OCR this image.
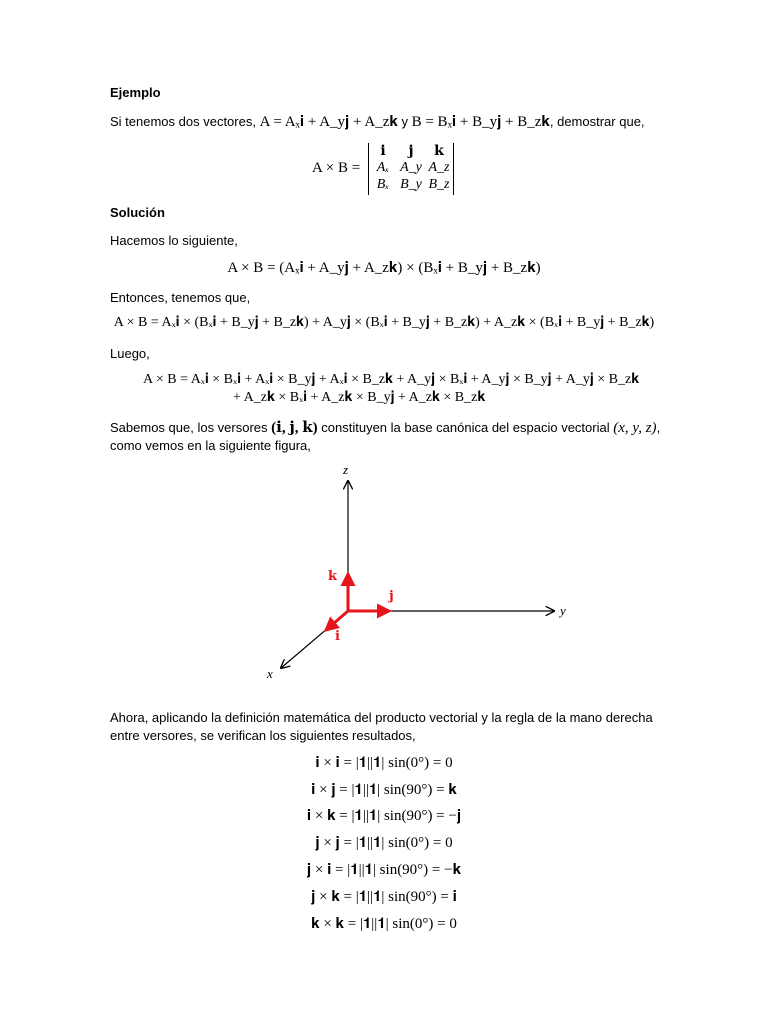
Ejemplo
Si tenemos dos vectores, A = Aₓ𝐢 + A_y𝐣 + A_z𝐤 y B = Bₓ𝐢 + B_y𝐣 + B_z𝐤, demostrar que,
A × B =
𝐢	𝐣	𝐤
Aₓ A_y A_z
Bₓ B_y B_z
Solución
Hacemos lo siguiente,
A × B = (Aₓ𝐢 + A_y𝐣 + A_z𝐤) × (Bₓ𝐢 + B_y𝐣 + B_z𝐤)
Entonces, tenemos que,
A × B = Aₓ𝐢 × (Bₓ𝐢 + B_y𝐣 + B_z𝐤) + A_y𝐣 × (Bₓ𝐢 + B_y𝐣 + B_z𝐤) + A_z𝐤 × (Bₓ𝐢 + B_y𝐣 + B_z𝐤)
Luego,
A × B = Aₓ𝐢 × Bₓ𝐢 + Aₓ𝐢 × B_y𝐣 + Aₓ𝐢 × B_z𝐤 + A_y𝐣 × Bₓ𝐢 + A_y𝐣 × B_y𝐣 + A_y𝐣 × B_z𝐤
+ A_z𝐤 × Bₓ𝐢 + A_z𝐤 × B_y𝐣 + A_z𝐤 × B_z𝐤
Sabemos que, los versores (𝐢, 𝐣, 𝐤) constituyen la base canónica del espacio vectorial (x, y, z),
como vemos en la siguiente figura,
z
y
x
𝐤
𝐣
𝐢
Ahora, aplicando la definición matemática del producto vectorial y la regla de la mano derecha
entre versores, se verifican los siguientes resultados,
𝐢 × 𝐢 = |𝟏||𝟏| sin(0°) = 0
𝐢 × 𝐣 = |𝟏||𝟏| sin(90°) = 𝐤
𝐢 × 𝐤 = |𝟏||𝟏| sin(90°) = −𝐣
𝐣 × 𝐣 = |𝟏||𝟏| sin(0°) = 0
𝐣 × 𝐢 = |𝟏||𝟏| sin(90°) = −𝐤
𝐣 × 𝐤 = |𝟏||𝟏| sin(90°) = 𝐢
𝐤 × 𝐤 = |𝟏||𝟏| sin(0°) = 0
